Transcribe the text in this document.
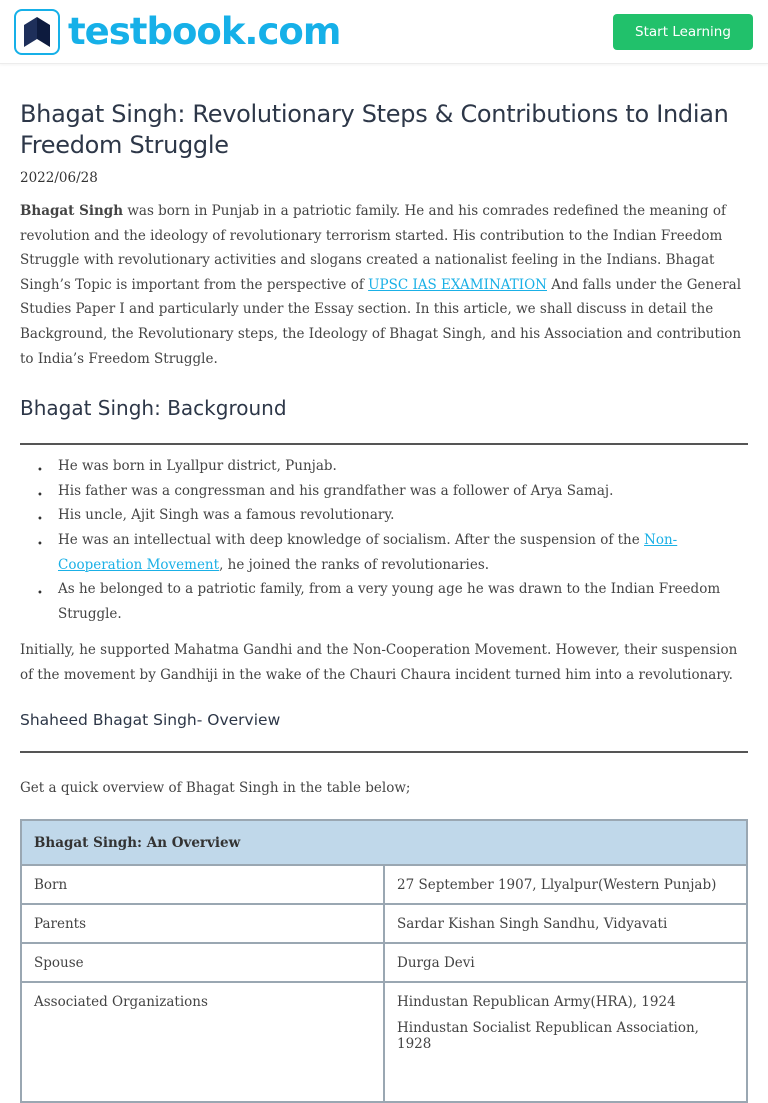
testbook.com	Start Learning
Bhagat Singh: Revolutionary Steps & Contributions to Indian Freedom Struggle
2022/06/28

Bhagat Singh was born in Punjab in a patriotic family. He and his comrades redefined the meaning of revolution and the ideology of revolutionary terrorism started. His contribution to the Indian Freedom Struggle with revolutionary activities and slogans created a nationalist feeling in the Indians. Bhagat Singh’s Topic is important from the perspective of UPSC IAS EXAMINATION And falls under the General Studies Paper I and particularly under the Essay section. In this article, we shall discuss in detail the Background, the Revolutionary steps, the Ideology of Bhagat Singh, and his Association and contribution to India’s Freedom Struggle.

Bhagat Singh: Background
• He was born in Lyallpur district, Punjab.
• His father was a congressman and his grandfather was a follower of Arya Samaj.
• His uncle, Ajit Singh was a famous revolutionary.
• He was an intellectual with deep knowledge of socialism. After the suspension of the Non-Cooperation Movement, he joined the ranks of revolutionaries.
• As he belonged to a patriotic family, from a very young age he was drawn to the Indian Freedom Struggle.

Initially, he supported Mahatma Gandhi and the Non-Cooperation Movement. However, their suspension of the movement by Gandhiji in the wake of the Chauri Chaura incident turned him into a revolutionary.

Shaheed Bhagat Singh- Overview

Get a quick overview of Bhagat Singh in the table below;

Bhagat Singh: An Overview	
Born	27 September 1907, Llyalpur(Western Punjab)
Parents	Sardar Kishan Singh Sandhu, Vidyavati
Spouse	Durga Devi
Associated Organizations	Hindustan Republican Army(HRA), 1924
Hindustan Socialist Republican Association, 1928
